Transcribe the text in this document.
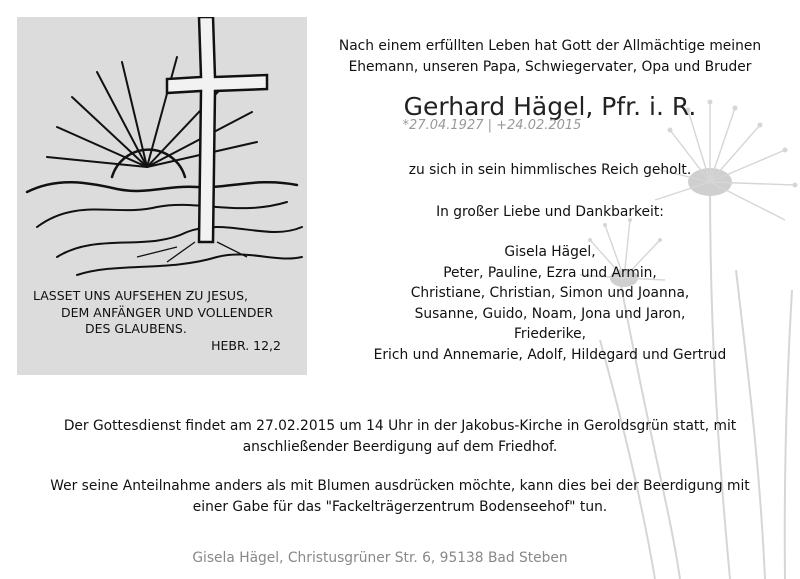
LASSET UNS AUFSEHEN ZU JESUS,
DEM ANFÄNGER UND VOLLENDER
DES GLAUBENS.
HEBR. 12,2
Nach einem erfüllten Leben hat Gott der Allmächtige meinen
Ehemann, unseren Papa, Schwiegervater, Opa und Bruder
Gerhard Hägel, Pfr. i. R.
*27.04.1927 | +24.02.2015
zu sich in sein himmlisches Reich geholt.
In großer Liebe und Dankbarkeit:
Gisela Hägel,
Peter, Pauline, Ezra und Armin,
Christiane, Christian, Simon und Joanna,
Susanne, Guido, Noam, Jona und Jaron,
Friederike,
Erich und Annemarie, Adolf, Hildegard und Gertrud
Der Gottesdienst findet am 27.02.2015 um 14 Uhr in der Jakobus-Kirche in Geroldsgrün statt, mit
anschließender Beerdigung auf dem Friedhof.
Wer seine Anteilnahme anders als mit Blumen ausdrücken möchte, kann dies bei der Beerdigung mit
einer Gabe für das "Fackelträgerzentrum Bodenseehof" tun.
Gisela Hägel, Christusgrüner Str. 6, 95138 Bad Steben
